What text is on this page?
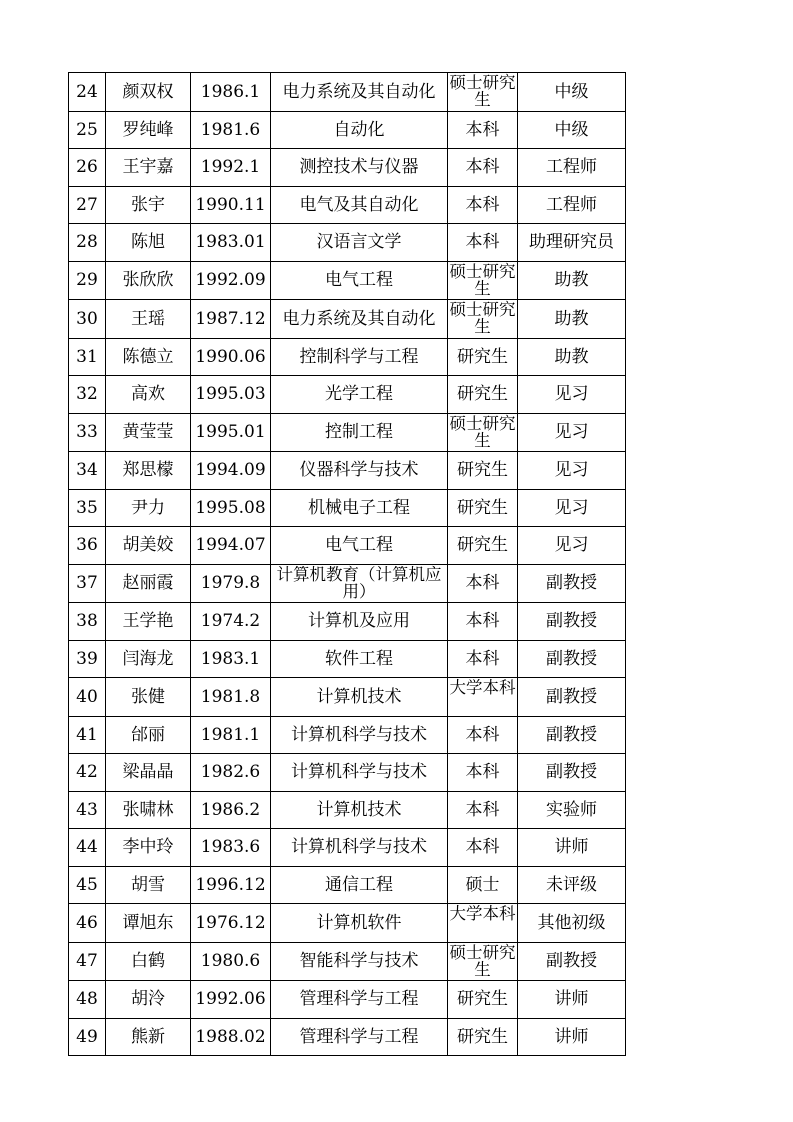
24	颜双权	1986.1	电力系统及其自动化	硕士研究生	中级
25	罗纯峰	1981.6	自动化	本科	中级
26	王宇嘉	1992.1	测控技术与仪器	本科	工程师
27	张宇	1990.11	电气及其自动化	本科	工程师
28	陈旭	1983.01	汉语言文学	本科	助理研究员
29	张欣欣	1992.09	电气工程	硕士研究生	助教
30	王瑶	1987.12	电力系统及其自动化	硕士研究生	助教
31	陈德立	1990.06	控制科学与工程	研究生	助教
32	高欢	1995.03	光学工程	研究生	见习
33	黄莹莹	1995.01	控制工程	硕士研究生	见习
34	郑思檬	1994.09	仪器科学与技术	研究生	见习
35	尹力	1995.08	机械电子工程	研究生	见习
36	胡美姣	1994.07	电气工程	研究生	见习
37	赵丽霞	1979.8	计算机教育（计算机应用）	本科	副教授
38	王学艳	1974.2	计算机及应用	本科	副教授
39	闫海龙	1983.1	软件工程	本科	副教授
40	张健	1981.8	计算机技术	大学本科	副教授
41	邰丽	1981.1	计算机科学与技术	本科	副教授
42	梁晶晶	1982.6	计算机科学与技术	本科	副教授
43	张啸林	1986.2	计算机技术	本科	实验师
44	李中玲	1983.6	计算机科学与技术	本科	讲师
45	胡雪	1996.12	通信工程	硕士	未评级
46	谭旭东	1976.12	计算机软件	大学本科	其他初级
47	白鹤	1980.6	智能科学与技术	硕士研究生	副教授
48	胡泠	1992.06	管理科学与工程	研究生	讲师
49	熊新	1988.02	管理科学与工程	研究生	讲师
